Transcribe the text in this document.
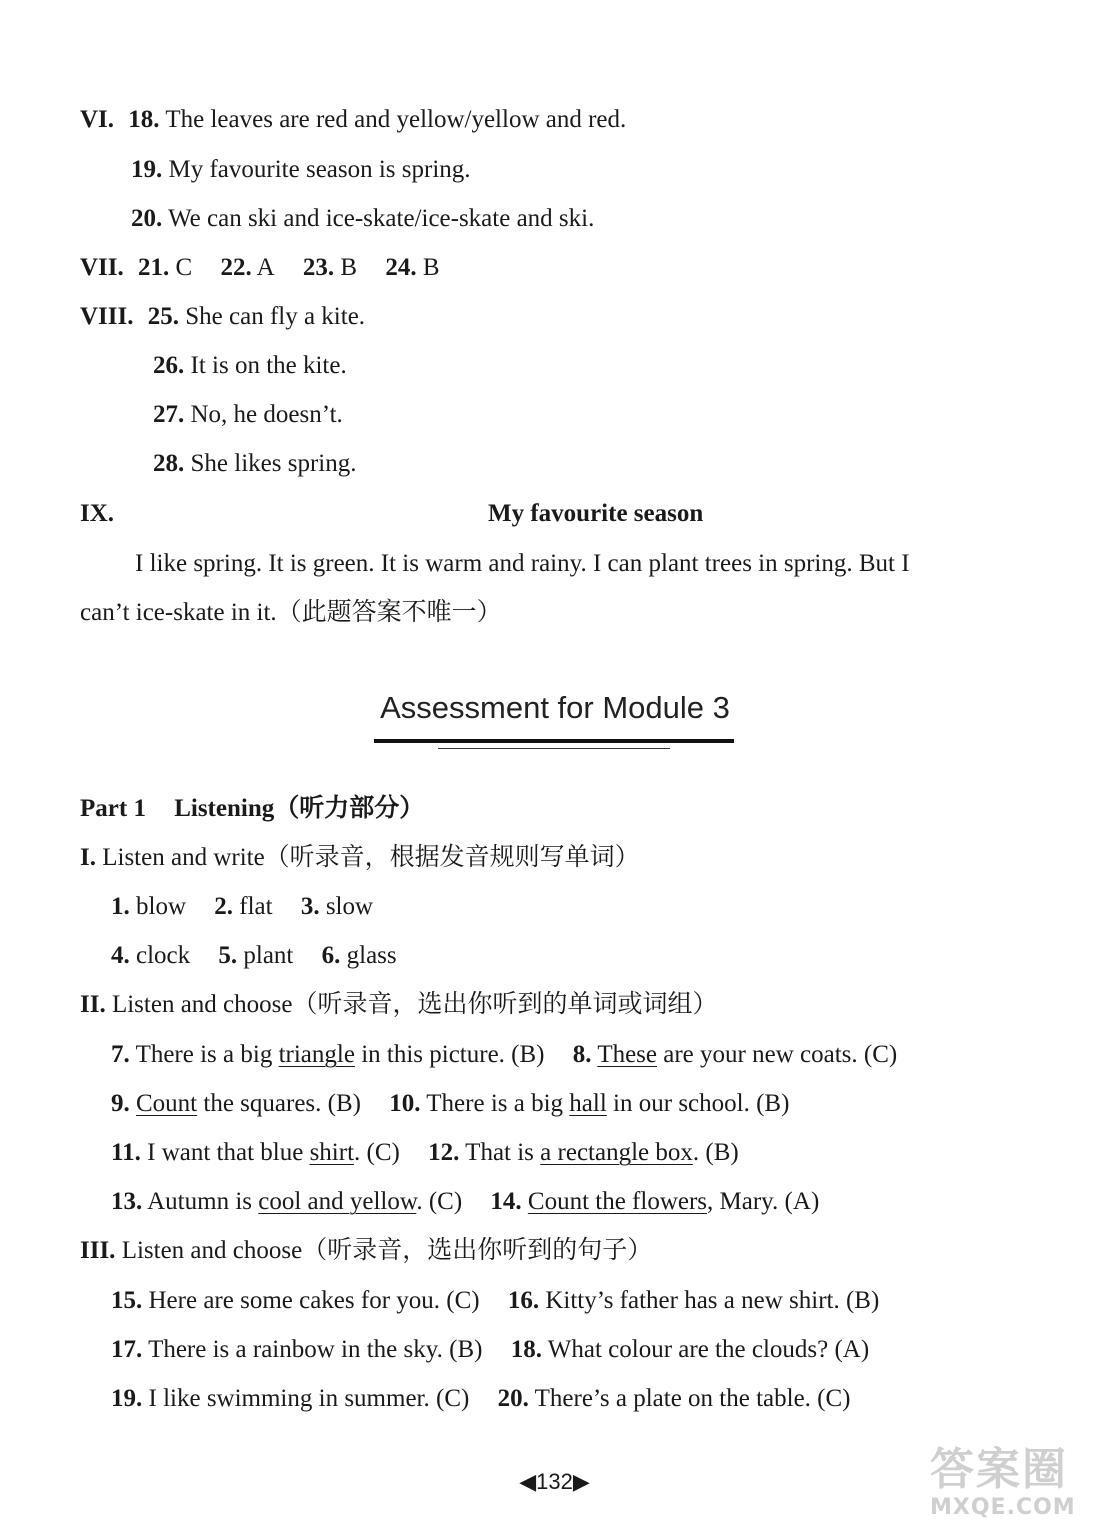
VI. 18. The leaves are red and yellow/yellow and red.
19. My favourite season is spring.
20. We can ski and ice-skate/ice-skate and ski.
VII. 21. C 22. A 23. B 24. B
VIII. 25. She can fly a kite.
26. It is on the kite.
27. No, he doesn’t.
28. She likes spring.
IX.	My favourite season
I like spring. It is green. It is warm and rainy. I can plant trees in spring. But I
can’t ice-skate in it.（此题答案不唯一）
Assessment for Module 3
Part 1 Listening（听力部分）
I. Listen and write（听录音，根据发音规则写单词）
1. blow 2. flat 3. slow
4. clock 5. plant 6. glass
II. Listen and choose（听录音，选出你听到的单词或词组）
7. There is a big triangle in this picture. (B) 8. These are your new coats. (C)
9. Count the squares. (B) 10. There is a big hall in our school. (B)
11. I want that blue shirt. (C) 12. That is a rectangle box. (B)
13. Autumn is cool and yellow. (C) 14. Count the flowers, Mary. (A)
III. Listen and choose（听录音，选出你听到的句子）
15. Here are some cakes for you. (C) 16. Kitty’s father has a new shirt. (B)
17. There is a rainbow in the sky. (B) 18. What colour are the clouds? (A)
19. I like swimming in summer. (C) 20. There’s a plate on the table. (C)
◀132▶	答案圈
MXQE.COM
